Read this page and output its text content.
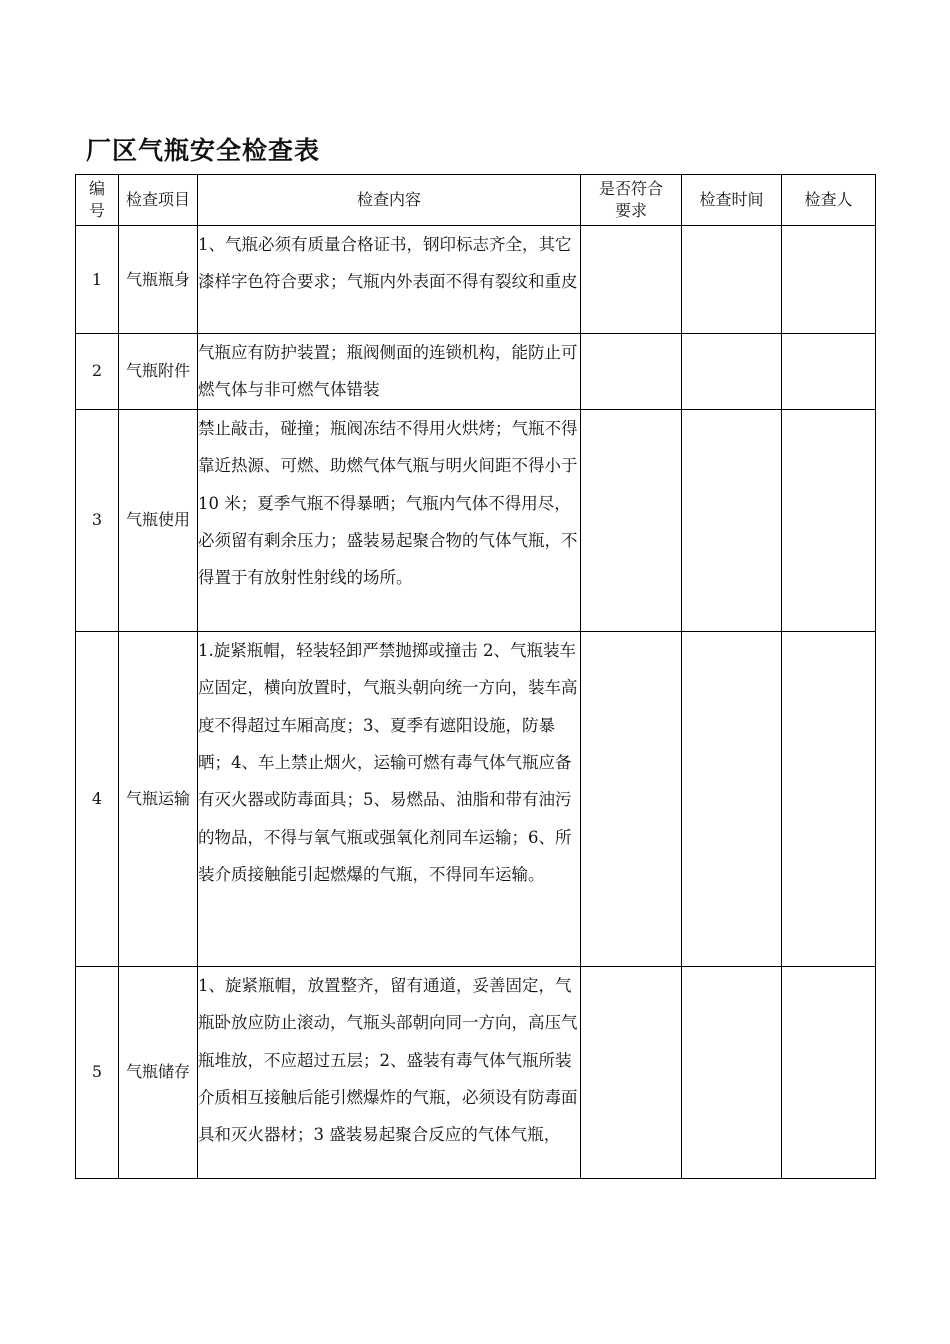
厂区气瓶安全检查表
编号	检查项目	检查内容	是否符合要求	检查时间	检查人
1	气瓶瓶身	1、气瓶必须有质量合格证书，钢印标志齐全，其它漆样字色符合要求；气瓶内外表面不得有裂纹和重皮			
2	气瓶附件	气瓶应有防护装置；瓶阀侧面的连锁机构，能防止可燃气体与非可燃气体错装			
3	气瓶使用	禁止敲击，碰撞；瓶阀冻结不得用火烘烤；气瓶不得靠近热源、可燃、助燃气体气瓶与明火间距不得小于 10 米；夏季气瓶不得暴晒；气瓶内气体不得用尽，必须留有剩余压力；盛装易起聚合物的气体气瓶，不得置于有放射性射线的场所。			
4	气瓶运输	1.旋紧瓶帽，轻装轻卸严禁抛掷或撞击 2、气瓶装车应固定，横向放置时，气瓶头朝向统一方向，装车高度不得超过车厢高度；3、夏季有遮阳设施，防暴晒；4、车上禁止烟火，运输可燃有毒气体气瓶应备有灭火器或防毒面具；5、易燃品、油脂和带有油污的物品，不得与氧气瓶或强氧化剂同车运输；6、所装介质接触能引起燃爆的气瓶，不得同车运输。			
5	气瓶储存	1、旋紧瓶帽，放置整齐，留有通道，妥善固定，气瓶卧放应防止滚动，气瓶头部朝向同一方向，高压气瓶堆放，不应超过五层；2、盛装有毒气体气瓶所装介质相互接触后能引燃爆炸的气瓶，必须设有防毒面具和灭火器材；3 盛装易起聚合反应的气体气瓶，			
